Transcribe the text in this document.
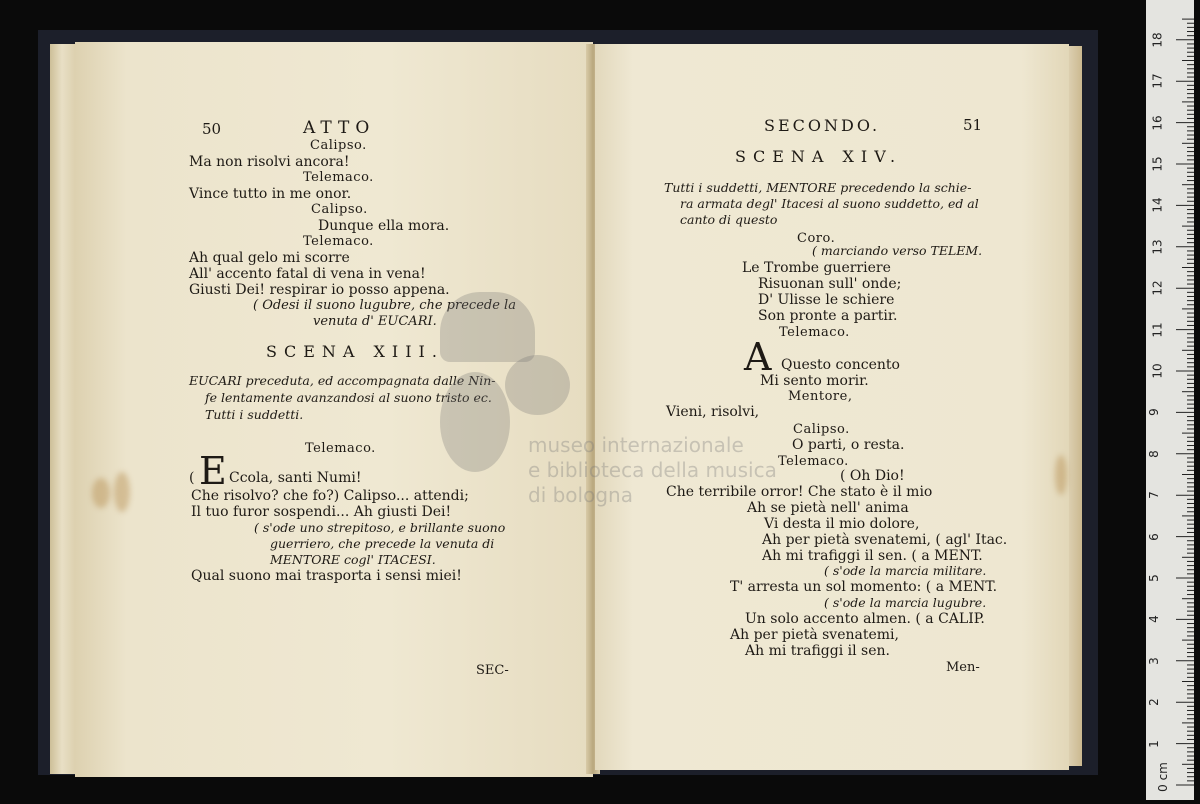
50	ATTO
Calipso.
Ma non risolvi ancora!
Telemaco.
Vince tutto in me onor.
Calipso.
Dunque ella mora.
Telemaco.
Ah qual gelo mi scorre
All' accento fatal di vena in vena!
Giusti Dei! respirar io posso appena.
( Odesi il suono lugubre, che precede la
venuta d' EUCARI.
SCENA XIII.
EUCARI preceduta, ed accompagnata dalle Nin-
fe lentamente avanzandosi al suono tristo ec.
Tutti i suddetti.
Telemaco.
( E Ccola, santi Numi!
Che risolvo? che fo?) Calipso... attendi;
Il tuo furor sospendi... Ah giusti Dei!
( s'ode uno strepitoso, e brillante suono
guerriero, che precede la venuta di
MENTORE cogl' ITACESI.
Qual suono mai trasporta i sensi miei!
SEC-
SECONDO.	51
SCENA XIV.
Tutti i suddetti, MENTORE precedendo la schie-
ra armata degl' Itacesi al suono suddetto, ed al
canto di questo
Coro.
( marciando verso TELEM.
Le Trombe guerriere
Risuonan sull' onde;
D' Ulisse le schiere
Son pronte a partir.
Telemaco.
A Questo concento
Mi sento morir.
Mentore,
Vieni, risolvi,
Calipso.
O parti, o resta.
Telemaco.
( Oh Dio!
Che terribile orror! Che stato è il mio
Ah se pietà nell' anima
Vi desta il mio dolore,
Ah per pietà svenatemi, ( agl' Itac.
Ah mi trafiggi il sen. ( a MENT.
( s'ode la marcia militare.
T' arresta un sol momento: ( a MENT.
( s'ode la marcia lugubre.
Un solo accento almen. ( a CALIP.
Ah per pietà svenatemi,
Ah mi trafiggi il sen.
Men-
museo internazionale
e biblioteca della musica
di bologna
0 cm
1
2
3
4
5
6
7
8
9
10
11
12
13
14
15
16
17
18
